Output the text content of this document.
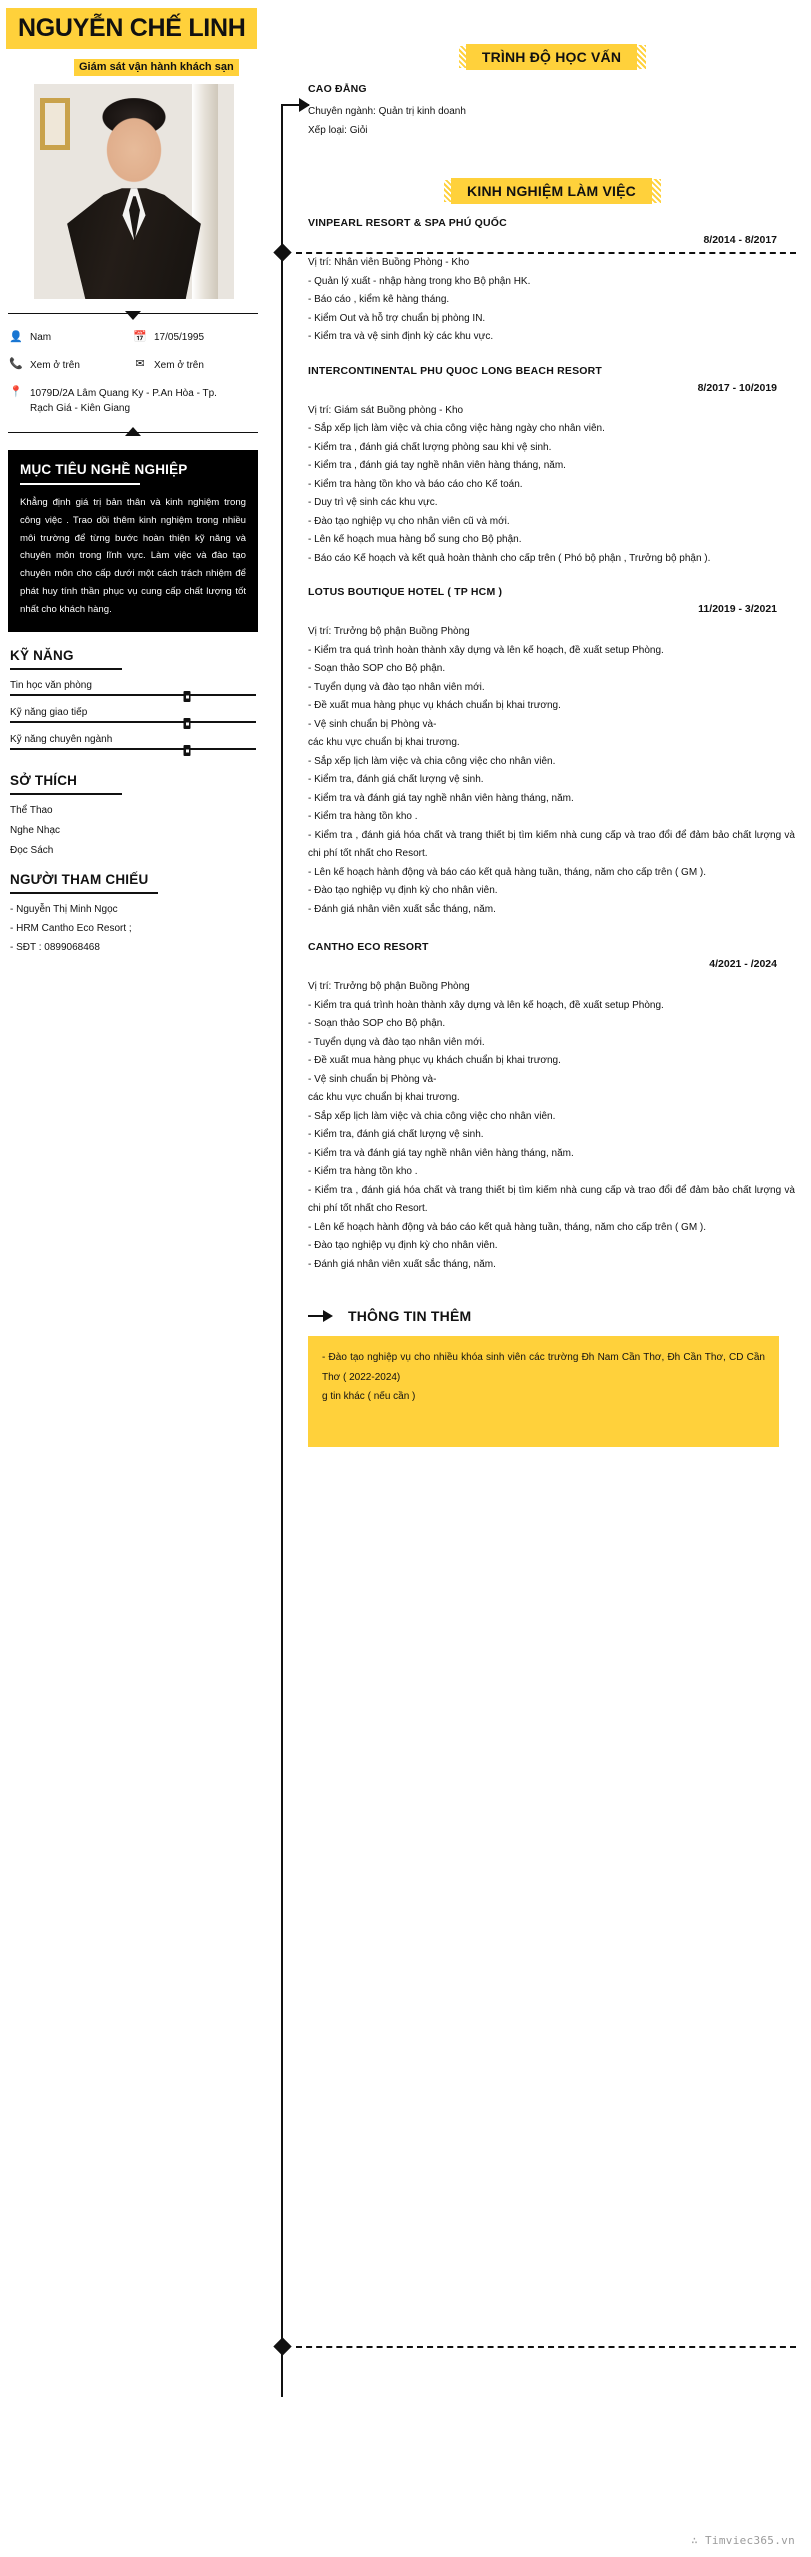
NGUYỄN CHẾ LINH

Giám sát vận hành khách sạn
👤 Nam	📅 17/05/1995
📞 Xem ở trên	✉ Xem ở trên
📍 1079D/2A Lâm Quang Ky - P.An Hòa - Tp.
Rạch Giá - Kiên Giang
MỤC TIÊU NGHỀ NGHIỆP

Khẳng định giá trị bản thân và kinh nghiệm trong công việc . Trao dồi thêm kinh nghiệm trong nhiều môi trường để từng bước hoàn thiện kỹ năng và chuyên môn trong lĩnh vực. Làm việc và đào tạo chuyên môn cho cấp dưới một cách trách nhiệm để phát huy tính thần phục vụ cung cấp chất lượng tốt nhất cho khách hàng.

KỸ NĂNG
Tin học văn phòng
Kỹ năng giao tiếp
Kỹ năng chuyên ngành
SỞ THÍCH
Thể Thao
Nghe Nhạc
Đọc Sách
NGƯỜI THAM CHIẾU
- Nguyễn Thị Minh Ngọc
- HRM Cantho Eco Resort ;
- SĐT : 0899068468
TRÌNH ĐỘ HỌC VẤN
CAO ĐẲNG
Chuyên ngành: Quản trị kinh doanh
Xếp loại: Giỏi
KINH NGHIỆM LÀM VIỆC
VINPEARL RESORT & SPA PHÚ QUỐC
8/2014 - 8/2017
Vị trí: Nhân viên Buồng Phòng - Kho
- Quản lý xuất - nhập hàng trong kho Bộ phận HK.
- Báo cáo , kiểm kê hàng tháng.
- Kiểm Out và hỗ trợ chuẩn bị phòng IN.
- Kiểm tra và vệ sinh định kỳ các khu vực.
INTERCONTINENTAL PHU QUOC LONG BEACH RESORT
8/2017 - 10/2019
Vị trí: Giám sát Buồng phòng - Kho
- Sắp xếp lịch làm việc và chia công việc hàng ngày cho nhân viên.
- Kiểm tra , đánh giá chất lượng phòng sau khi vệ sinh.
- Kiểm tra , đánh giá tay nghề nhân viên hàng tháng, năm.
- Kiểm tra hàng tồn kho và báo cáo cho Kế toán.
- Duy trì vệ sinh các khu vực.
- Đào tạo nghiệp vụ cho nhân viên cũ và mới.
- Lên kế hoạch mua hàng bổ sung cho Bộ phận.
- Báo cáo Kế hoạch và kết quả hoàn thành cho cấp trên ( Phó bộ phận , Trưởng bộ phận ).
LOTUS BOUTIQUE HOTEL ( TP HCM )
11/2019 - 3/2021
Vị trí: Trưởng bộ phận Buồng Phòng
- Kiểm tra quá trình hoàn thành xây dựng và lên kế hoạch, đề xuất setup Phòng.
- Soạn thảo SOP cho Bộ phận.
- Tuyển dụng và đào tạo nhân viên mới.
- Đề xuất mua hàng phục vụ khách chuẩn bị khai trương.
- Vệ sinh chuẩn bị Phòng và-
các khu vực chuẩn bị khai trương.
- Sắp xếp lịch làm việc và chia công việc cho nhân viên.
- Kiểm tra, đánh giá chất lượng vệ sinh.
- Kiểm tra và đánh giá tay nghề nhân viên hàng tháng, năm.
- Kiểm tra hàng tồn kho .
- Kiểm tra , đánh giá hóa chất và trang thiết bị tìm kiếm nhà cung cấp và trao đổi để đảm bảo chất lượng và chi phí tốt nhất cho Resort.
- Lên kế hoạch hành động và báo cáo kết quả hàng tuần, tháng, năm cho cấp trên ( GM ).
- Đào tạo nghiệp vụ định kỳ cho nhân viên.
- Đánh giá nhân viên xuất sắc tháng, năm.
CANTHO ECO RESORT
4/2021 - /2024
Vị trí: Trưởng bộ phận Buồng Phòng
- Kiểm tra quá trình hoàn thành xây dựng và lên kế hoạch, đề xuất setup Phòng.
- Soạn thảo SOP cho Bộ phận.
- Tuyển dụng và đào tạo nhân viên mới.
- Đề xuất mua hàng phục vụ khách chuẩn bị khai trương.
- Vệ sinh chuẩn bị Phòng và-
các khu vực chuẩn bị khai trương.
- Sắp xếp lịch làm việc và chia công việc cho nhân viên.
- Kiểm tra, đánh giá chất lượng vệ sinh.
- Kiểm tra và đánh giá tay nghề nhân viên hàng tháng, năm.
- Kiểm tra hàng tồn kho .
- Kiểm tra , đánh giá hóa chất và trang thiết bị tìm kiếm nhà cung cấp và trao đổi để đảm bảo chất lượng và chi phí tốt nhất cho Resort.
- Lên kế hoạch hành động và báo cáo kết quả hàng tuần, tháng, năm cho cấp trên ( GM ).
- Đào tạo nghiệp vụ định kỳ cho nhân viên.
- Đánh giá nhân viên xuất sắc tháng, năm.
THÔNG TIN THÊM
- Đào tạo nghiệp vụ cho nhiều khóa sinh viên các trường Đh Nam Cần Thơ, Đh Cần Thơ, CD Cần Thơ ( 2022-2024)
g tin khác ( nếu cần )
∴ Timviec365.vn
